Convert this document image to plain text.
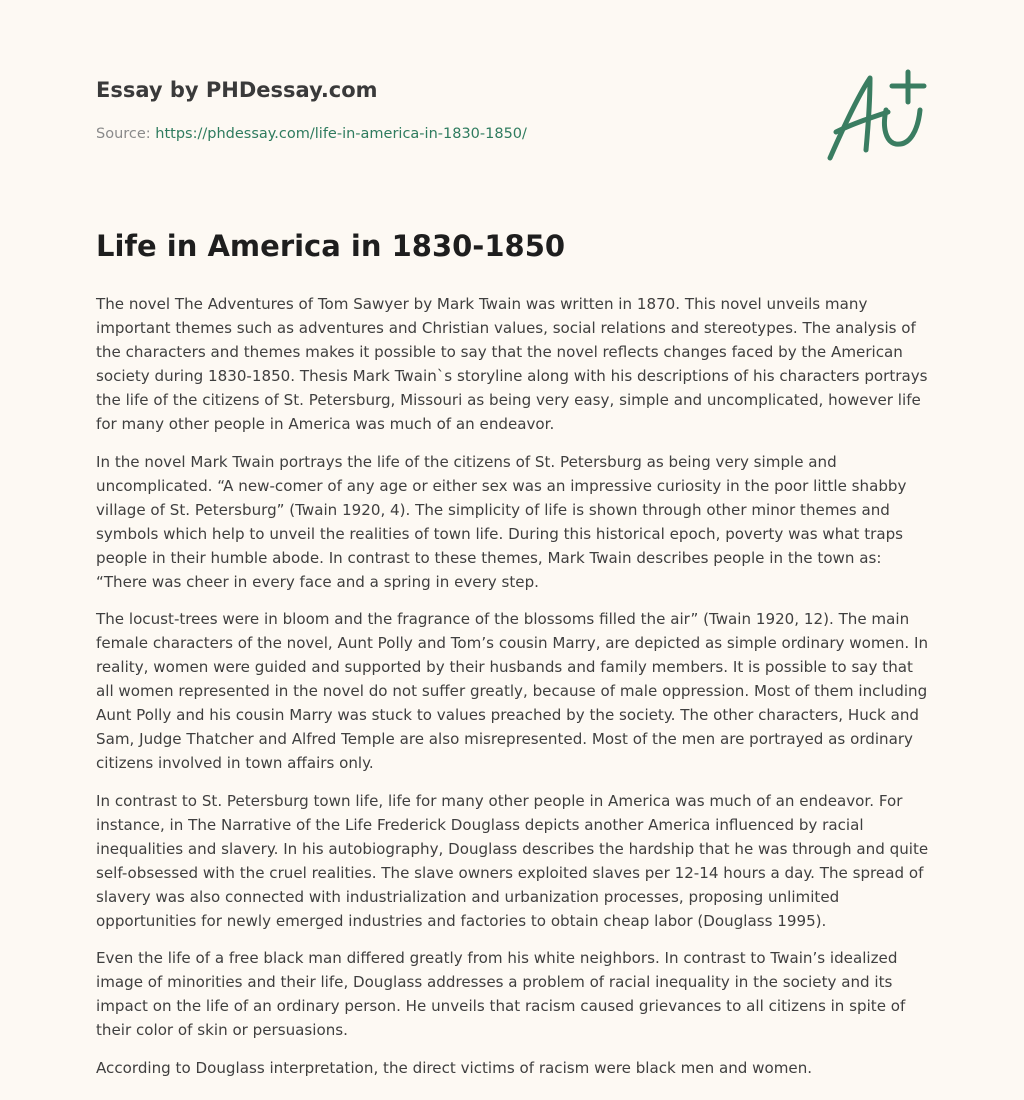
Essay by PHDessay.com

Source: https://phdessay.com/life-in-america-in-1830-1850/

Life in America in 1830-1850

The novel The Adventures of Tom Sawyer by Mark Twain was written in 1870. This novel unveils many important themes such as adventures and Christian values, social relations and stereotypes. The analysis of the characters and themes makes it possible to say that the novel reflects changes faced by the American society during 1830-1850. Thesis Mark Twain`s storyline along with his descriptions of his characters portrays the life of the citizens of St. Petersburg, Missouri as being very easy, simple and uncomplicated, however life for many other people in America was much of an endeavor.

In the novel Mark Twain portrays the life of the citizens of St. Petersburg as being very simple and uncomplicated. “A new-comer of any age or either sex was an impressive curiosity in the poor little shabby village of St. Petersburg” (Twain 1920, 4). The simplicity of life is shown through other minor themes and symbols which help to unveil the realities of town life. During this historical epoch, poverty was what traps people in their humble abode. In contrast to these themes, Mark Twain describes people in the town as: “There was cheer in every face and a spring in every step.

The locust-trees were in bloom and the fragrance of the blossoms filled the air” (Twain 1920, 12). The main female characters of the novel, Aunt Polly and Tom’s cousin Marry, are depicted as simple ordinary women. In reality, women were guided and supported by their husbands and family members. It is possible to say that all women represented in the novel do not suffer greatly, because of male oppression. Most of them including Aunt Polly and his cousin Marry was stuck to values preached by the society. The other characters, Huck and Sam, Judge Thatcher and Alfred Temple are also misrepresented. Most of the men are portrayed as ordinary citizens involved in town affairs only.

In contrast to St. Petersburg town life, life for many other people in America was much of an endeavor. For instance, in The Narrative of the Life Frederick Douglass depicts another America influenced by racial inequalities and slavery. In his autobiography, Douglass describes the hardship that he was through and quite self-obsessed with the cruel realities. The slave owners exploited slaves per 12-14 hours a day. The spread of slavery was also connected with industrialization and urbanization processes, proposing unlimited opportunities for newly emerged industries and factories to obtain cheap labor (Douglass 1995).

Even the life of a free black man differed greatly from his white neighbors. In contrast to Twain’s idealized image of minorities and their life, Douglass addresses a problem of racial inequality in the society and its impact on the life of an ordinary person. He unveils that racism caused grievances to all citizens in spite of their color of skin or persuasions.

According to Douglass interpretation, the direct victims of racism were black men and women.
